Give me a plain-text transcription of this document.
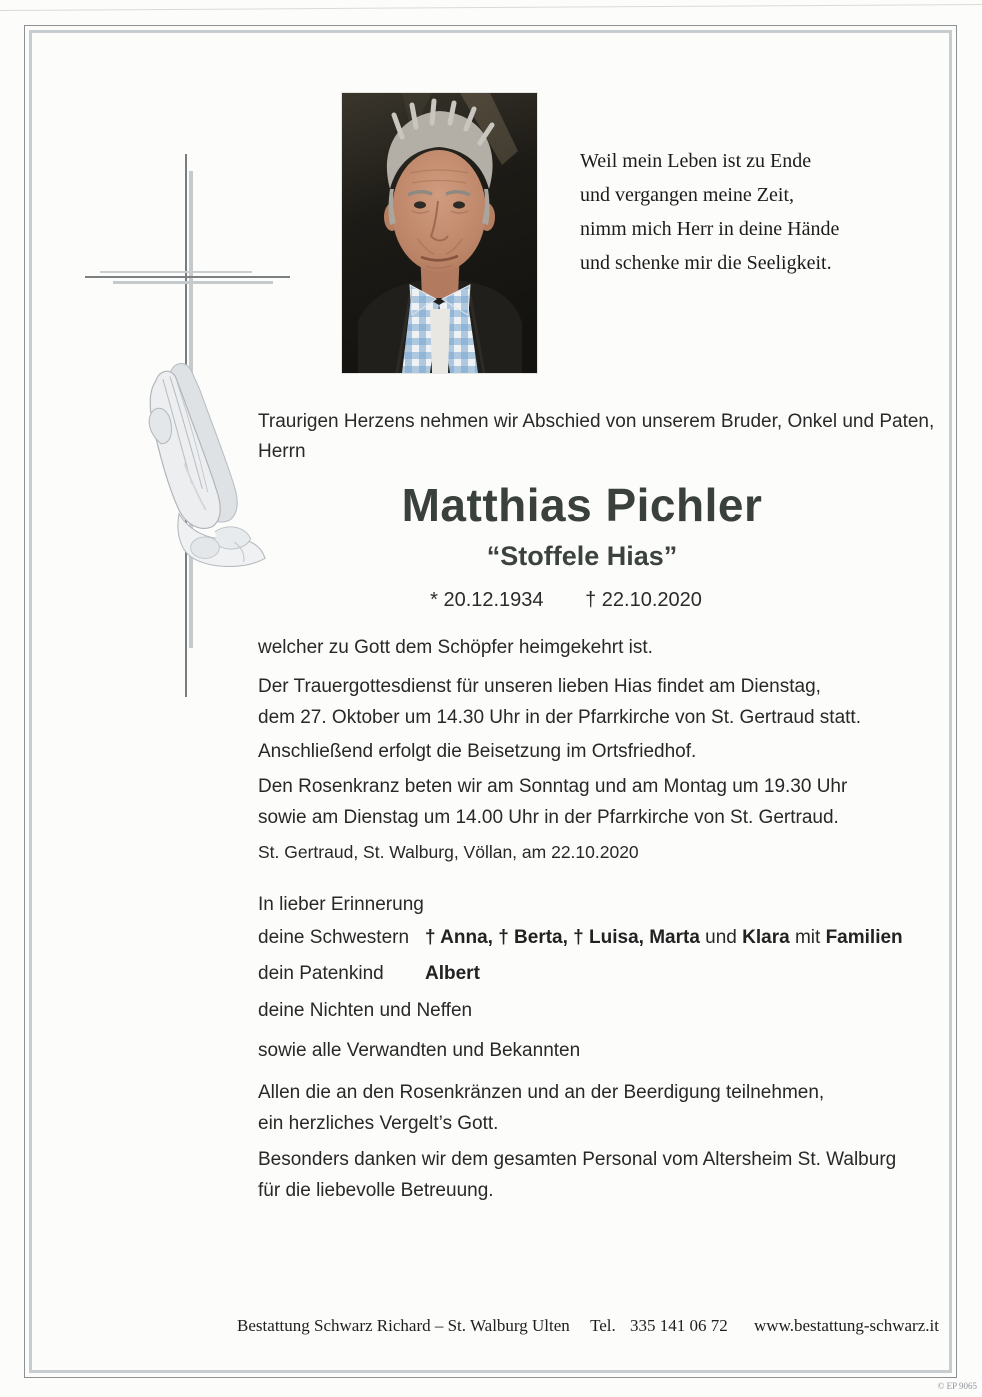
Weil mein Leben ist zu Ende
und vergangen meine Zeit,
nimm mich Herr in deine Hände
und schenke mir die Seeligkeit.
Traurigen Herzens nehmen wir Abschied von unserem Bruder, Onkel und Paten,
Herrn
Matthias Pichler
“Stoffele Hias”
* 20.12.1934 † 22.10.2020
welcher zu Gott dem Schöpfer heimgekehrt ist.
Der Trauergottesdienst für unseren lieben Hias findet am Dienstag,
dem 27. Oktober um 14.30 Uhr in der Pfarrkirche von St. Gertraud statt.
Anschließend erfolgt die Beisetzung im Ortsfriedhof.
Den Rosenkranz beten wir am Sonntag und am Montag um 19.30 Uhr
sowie am Dienstag um 14.00 Uhr in der Pfarrkirche von St. Gertraud.
St. Gertraud, St. Walburg, Völlan, am 22.10.2020
In lieber Erinnerung
deine Schwestern † Anna, † Berta, † Luisa, Marta und Klara mit Familien
dein Patenkind	Albert
deine Nichten und Neffen
sowie alle Verwandten und Bekannten
Allen die an den Rosenkränzen und an der Beerdigung teilnehmen,
ein herzliches Vergelt’s Gott.
Besonders danken wir dem gesamten Personal vom Altersheim St. Walburg
für die liebevolle Betreuung.
Bestattung Schwarz Richard – St. Walburg Ulten Tel. 335 141 06 72 www.bestattung-schwarz.it
© EP 9065
